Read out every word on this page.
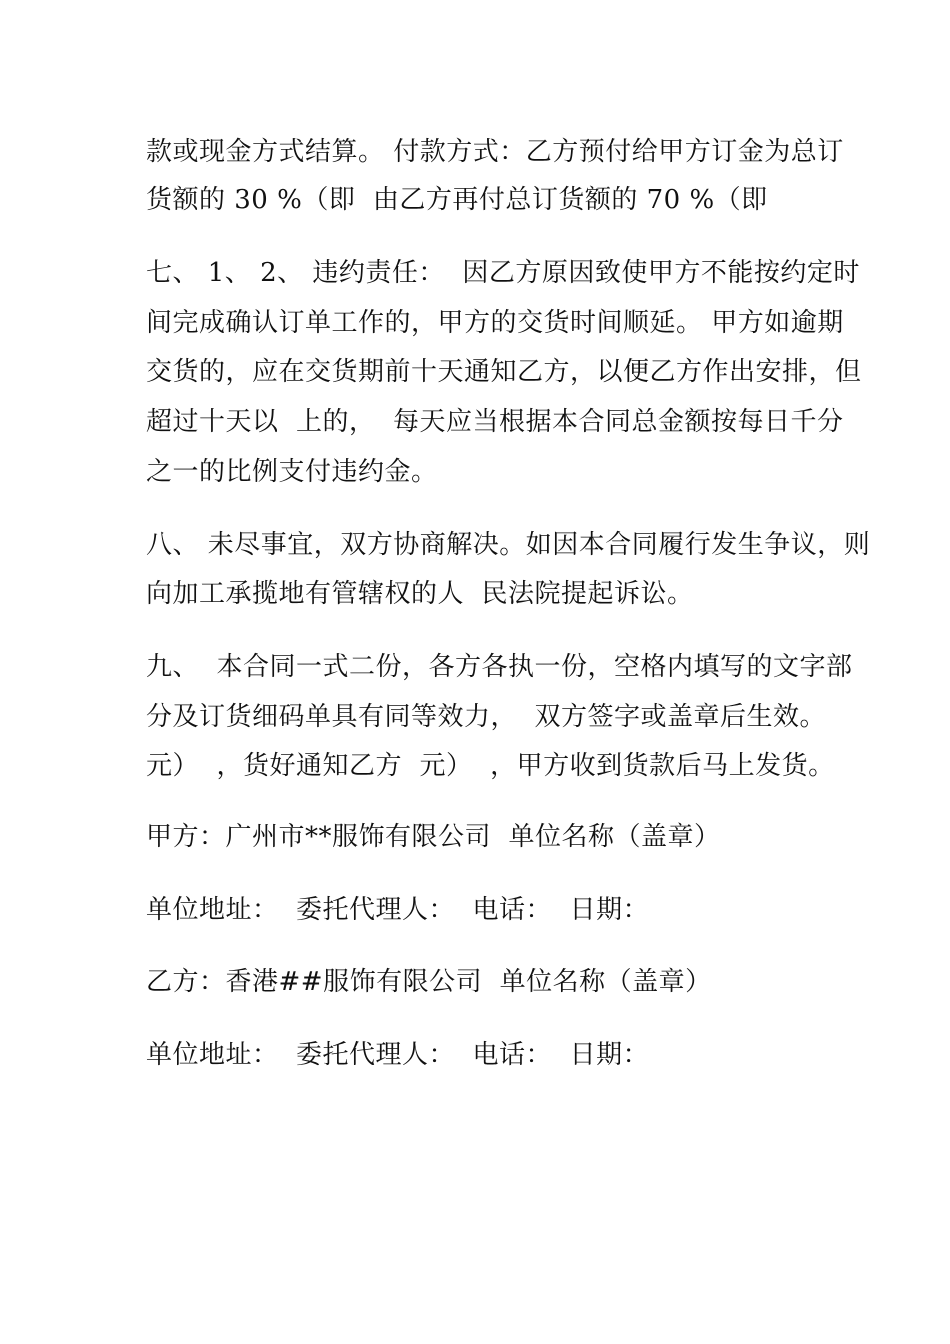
款或现金方式结算。 付款方式：乙方预付给甲方订金为总订
货额的 30 %（即  由乙方再付总订货额的 70 %（即
七、 1、 2、 违约责任：  因乙方原因致使甲方不能按约定时
间完成确认订单工作的，甲方的交货时间顺延。 甲方如逾期
交货的，应在交货期前十天通知乙方，以便乙方作出安排，但
超过十天以  上的，  每天应当根据本合同总金额按每日千分
之一的比例支付违约金。
八、 未尽事宜，双方协商解决。如因本合同履行发生争议，则
向加工承揽地有管辖权的人  民法院提起诉讼。
九、  本合同一式二份，各方各执一份，空格内填写的文字部
分及订货细码单具有同等效力，  双方签字或盖章后生效。
元）  ，货好通知乙方  元）  ，甲方收到货款后马上发货。
甲方：广州市**服饰有限公司  单位名称（盖章）
单位地址：  委托代理人：  电话：  日期：
乙方：香港##服饰有限公司  单位名称（盖章）
单位地址：  委托代理人：  电话：  日期：
